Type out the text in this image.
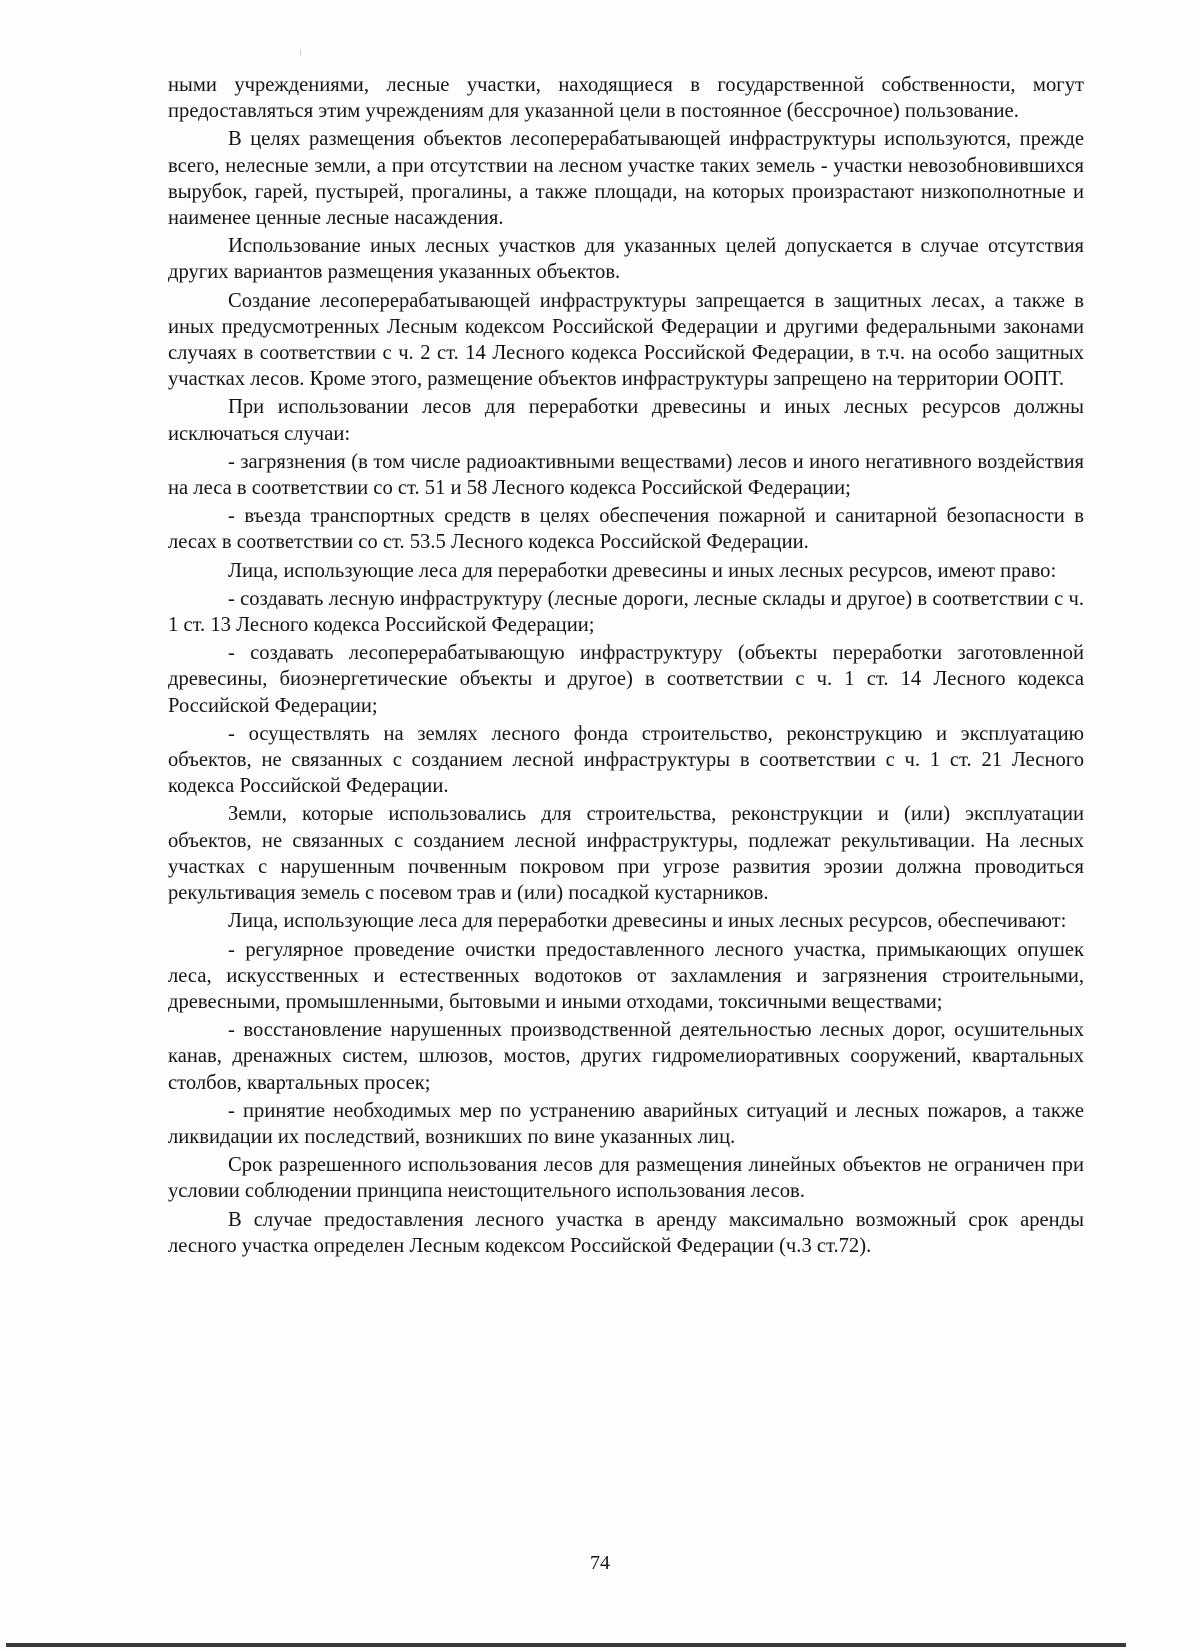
ными учреждениями, лесные участки, находящиеся в государственной собственности, могут предоставляться этим учреждениям для указанной цели в постоянное (бессрочное) пользование.

В целях размещения объектов лесоперерабатывающей инфраструктуры используются, прежде всего, нелесные земли, а при отсутствии на лесном участке таких земель - участки невозобновившихся вырубок, гарей, пустырей, прогалины, а также площади, на которых произрастают низкополнотные и наименее ценные лесные насаждения.

Использование иных лесных участков для указанных целей допускается в случае отсутствия других вариантов размещения указанных объектов.

Создание лесоперерабатывающей инфраструктуры запрещается в защитных лесах, а также в иных предусмотренных Лесным кодексом Российской Федерации и другими федеральными законами случаях в соответствии с ч. 2 ст. 14 Лесного кодекса Российской Федерации, в т.ч. на особо защитных участках лесов. Кроме этого, размещение объектов инфраструктуры запрещено на территории ООПТ.

При использовании лесов для переработки древесины и иных лесных ресурсов должны исключаться случаи:

- загрязнения (в том числе радиоактивными веществами) лесов и иного негативного воздействия на леса в соответствии со ст. 51 и 58 Лесного кодекса Российской Федерации;

- въезда транспортных средств в целях обеспечения пожарной и санитарной безопасности в лесах в соответствии со ст. 53.5 Лесного кодекса Российской Федерации.

Лица, использующие леса для переработки древесины и иных лесных ресурсов, имеют право:

- создавать лесную инфраструктуру (лесные дороги, лесные склады и другое) в соответствии с ч. 1 ст. 13 Лесного кодекса Российской Федерации;

- создавать лесоперерабатывающую инфраструктуру (объекты переработки заготовленной древесины, биоэнергетические объекты и другое) в соответствии с ч. 1 ст. 14 Лесного кодекса Российской Федерации;

- осуществлять на землях лесного фонда строительство, реконструкцию и эксплуатацию объектов, не связанных с созданием лесной инфраструктуры в соответствии с ч. 1 ст. 21 Лесного кодекса Российской Федерации.

Земли, которые использовались для строительства, реконструкции и (или) эксплуатации объектов, не связанных с созданием лесной инфраструктуры, подлежат рекультивации. На лесных участках с нарушенным почвенным покровом при угрозе развития эрозии должна проводиться рекультивация земель с посевом трав и (или) посадкой кустарников.

Лица, использующие леса для переработки древесины и иных лесных ресурсов, обеспечивают:

- регулярное проведение очистки предоставленного лесного участка, примыкающих опушек леса, искусственных и естественных водотоков от захламления и загрязнения строительными, древесными, промышленными, бытовыми и иными отходами, токсичными веществами;

- восстановление нарушенных производственной деятельностью лесных дорог, осушительных канав, дренажных систем, шлюзов, мостов, других гидромелиоративных сооружений, квартальных столбов, квартальных просек;

- принятие необходимых мер по устранению аварийных ситуаций и лесных пожаров, а также ликвидации их последствий, возникших по вине указанных лиц.

Срок разрешенного использования лесов для размещения линейных объектов не ограничен при условии соблюдении принципа неистощительного использования лесов.

В случае предоставления лесного участка в аренду максимально возможный срок аренды лесного участка определен Лесным кодексом Российской Федерации (ч.3 ст.72).

74
